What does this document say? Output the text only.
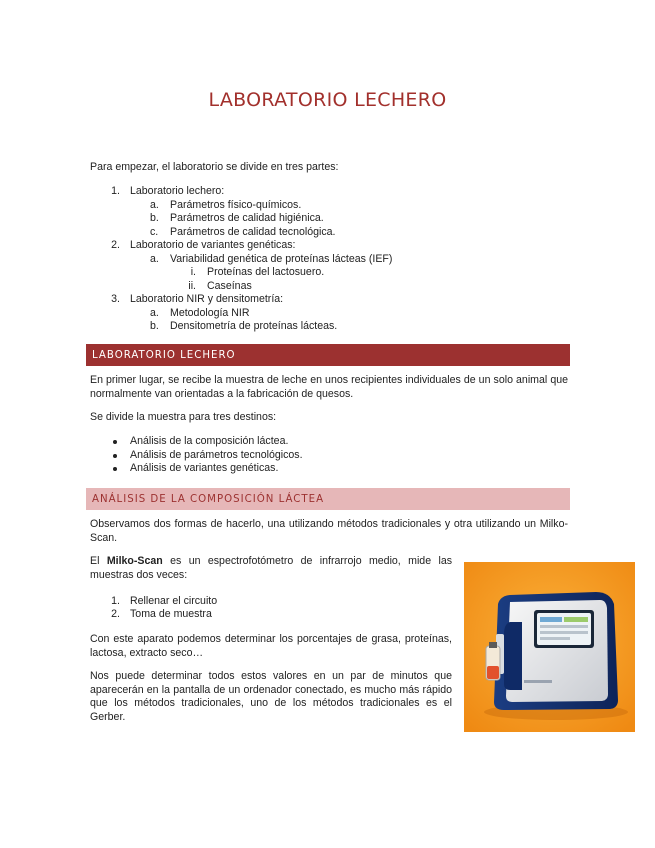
LABORATORIO LECHERO

Para empezar, el laboratorio se divide en tres partes:

1. Laboratorio lechero:
a. Parámetros físico-químicos.
b. Parámetros de calidad higiénica.
c. Parámetros de calidad tecnológica.
2. Laboratorio de variantes genéticas:
a. Variabilidad genética de proteínas lácteas (IEF)
i. Proteínas del lactosuero.
ii. Caseínas
3. Laboratorio NIR y densitometría:
a. Metodología NIR
b. Densitometría de proteínas lácteas.
LABORATORIO LECHERO

En primer lugar, se recibe la muestra de leche en unos recipientes individuales de un solo animal que normalmente van orientadas a la fabricación de quesos.

Se divide la muestra para tres destinos:

Análisis de la composición láctea.
Análisis de parámetros tecnológicos.
Análisis de variantes genéticas.
ANÁLISIS DE LA COMPOSICIÓN LÁCTEA

Observamos dos formas de hacerlo, una utilizando métodos tradicionales y otra utilizando un Milko-Scan.

El Milko-Scan es un espectrofotómetro de infrarrojo medio, mide las muestras dos veces:

1. Rellenar el circuito
2. Toma de muestra

Con este aparato podemos determinar los porcentajes de grasa, proteínas, lactosa, extracto seco…

Nos puede determinar todos estos valores en un par de minutos que aparecerán en la pantalla de un ordenador conectado, es mucho más rápido que los métodos tradicionales, uno de los métodos tradicionales es el Gerber.
